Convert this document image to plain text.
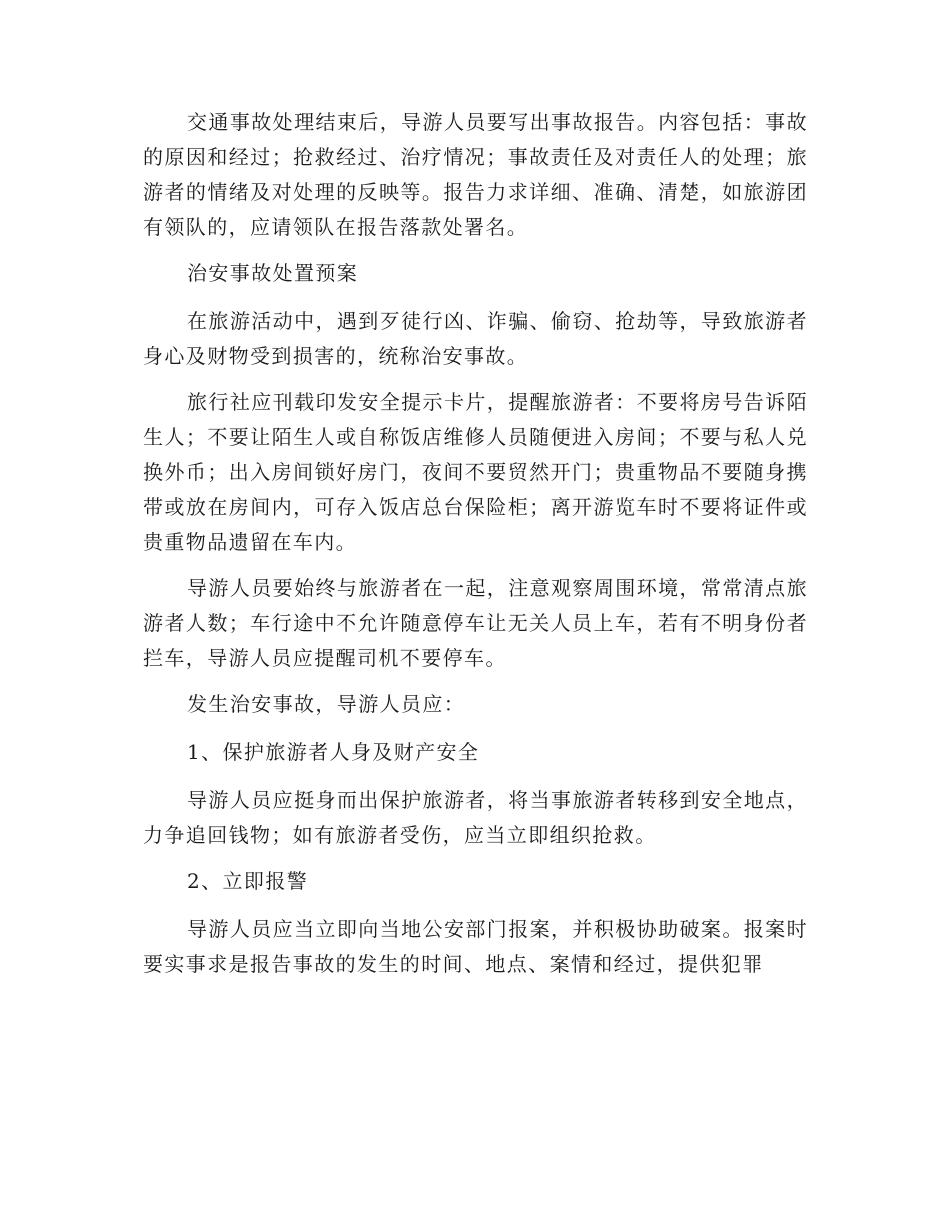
交通事故处理结束后，导游人员要写出事故报告。内容包括：事故的原因和经过；抢救经过、治疗情况；事故责任及对责任人的处理；旅游者的情绪及对处理的反映等。报告力求详细、准确、清楚，如旅游团有领队的，应请领队在报告落款处署名。

治安事故处置预案

在旅游活动中，遇到歹徒行凶、诈骗、偷窃、抢劫等，导致旅游者身心及财物受到损害的，统称治安事故。

旅行社应刊载印发安全提示卡片，提醒旅游者：不要将房号告诉陌生人；不要让陌生人或自称饭店维修人员随便进入房间；不要与私人兑换外币；出入房间锁好房门，夜间不要贸然开门；贵重物品不要随身携带或放在房间内，可存入饭店总台保险柜；离开游览车时不要将证件或贵重物品遗留在车内。

导游人员要始终与旅游者在一起，注意观察周围环境，常常清点旅游者人数；车行途中不允许随意停车让无关人员上车，若有不明身份者拦车，导游人员应提醒司机不要停车。

发生治安事故，导游人员应：

1、保护旅游者人身及财产安全

导游人员应挺身而出保护旅游者，将当事旅游者转移到安全地点，力争追回钱物；如有旅游者受伤，应当立即组织抢救。

2、立即报警

导游人员应当立即向当地公安部门报案，并积极协助破案。报案时要实事求是报告事故的发生的时间、地点、案情和经过，提供犯罪
